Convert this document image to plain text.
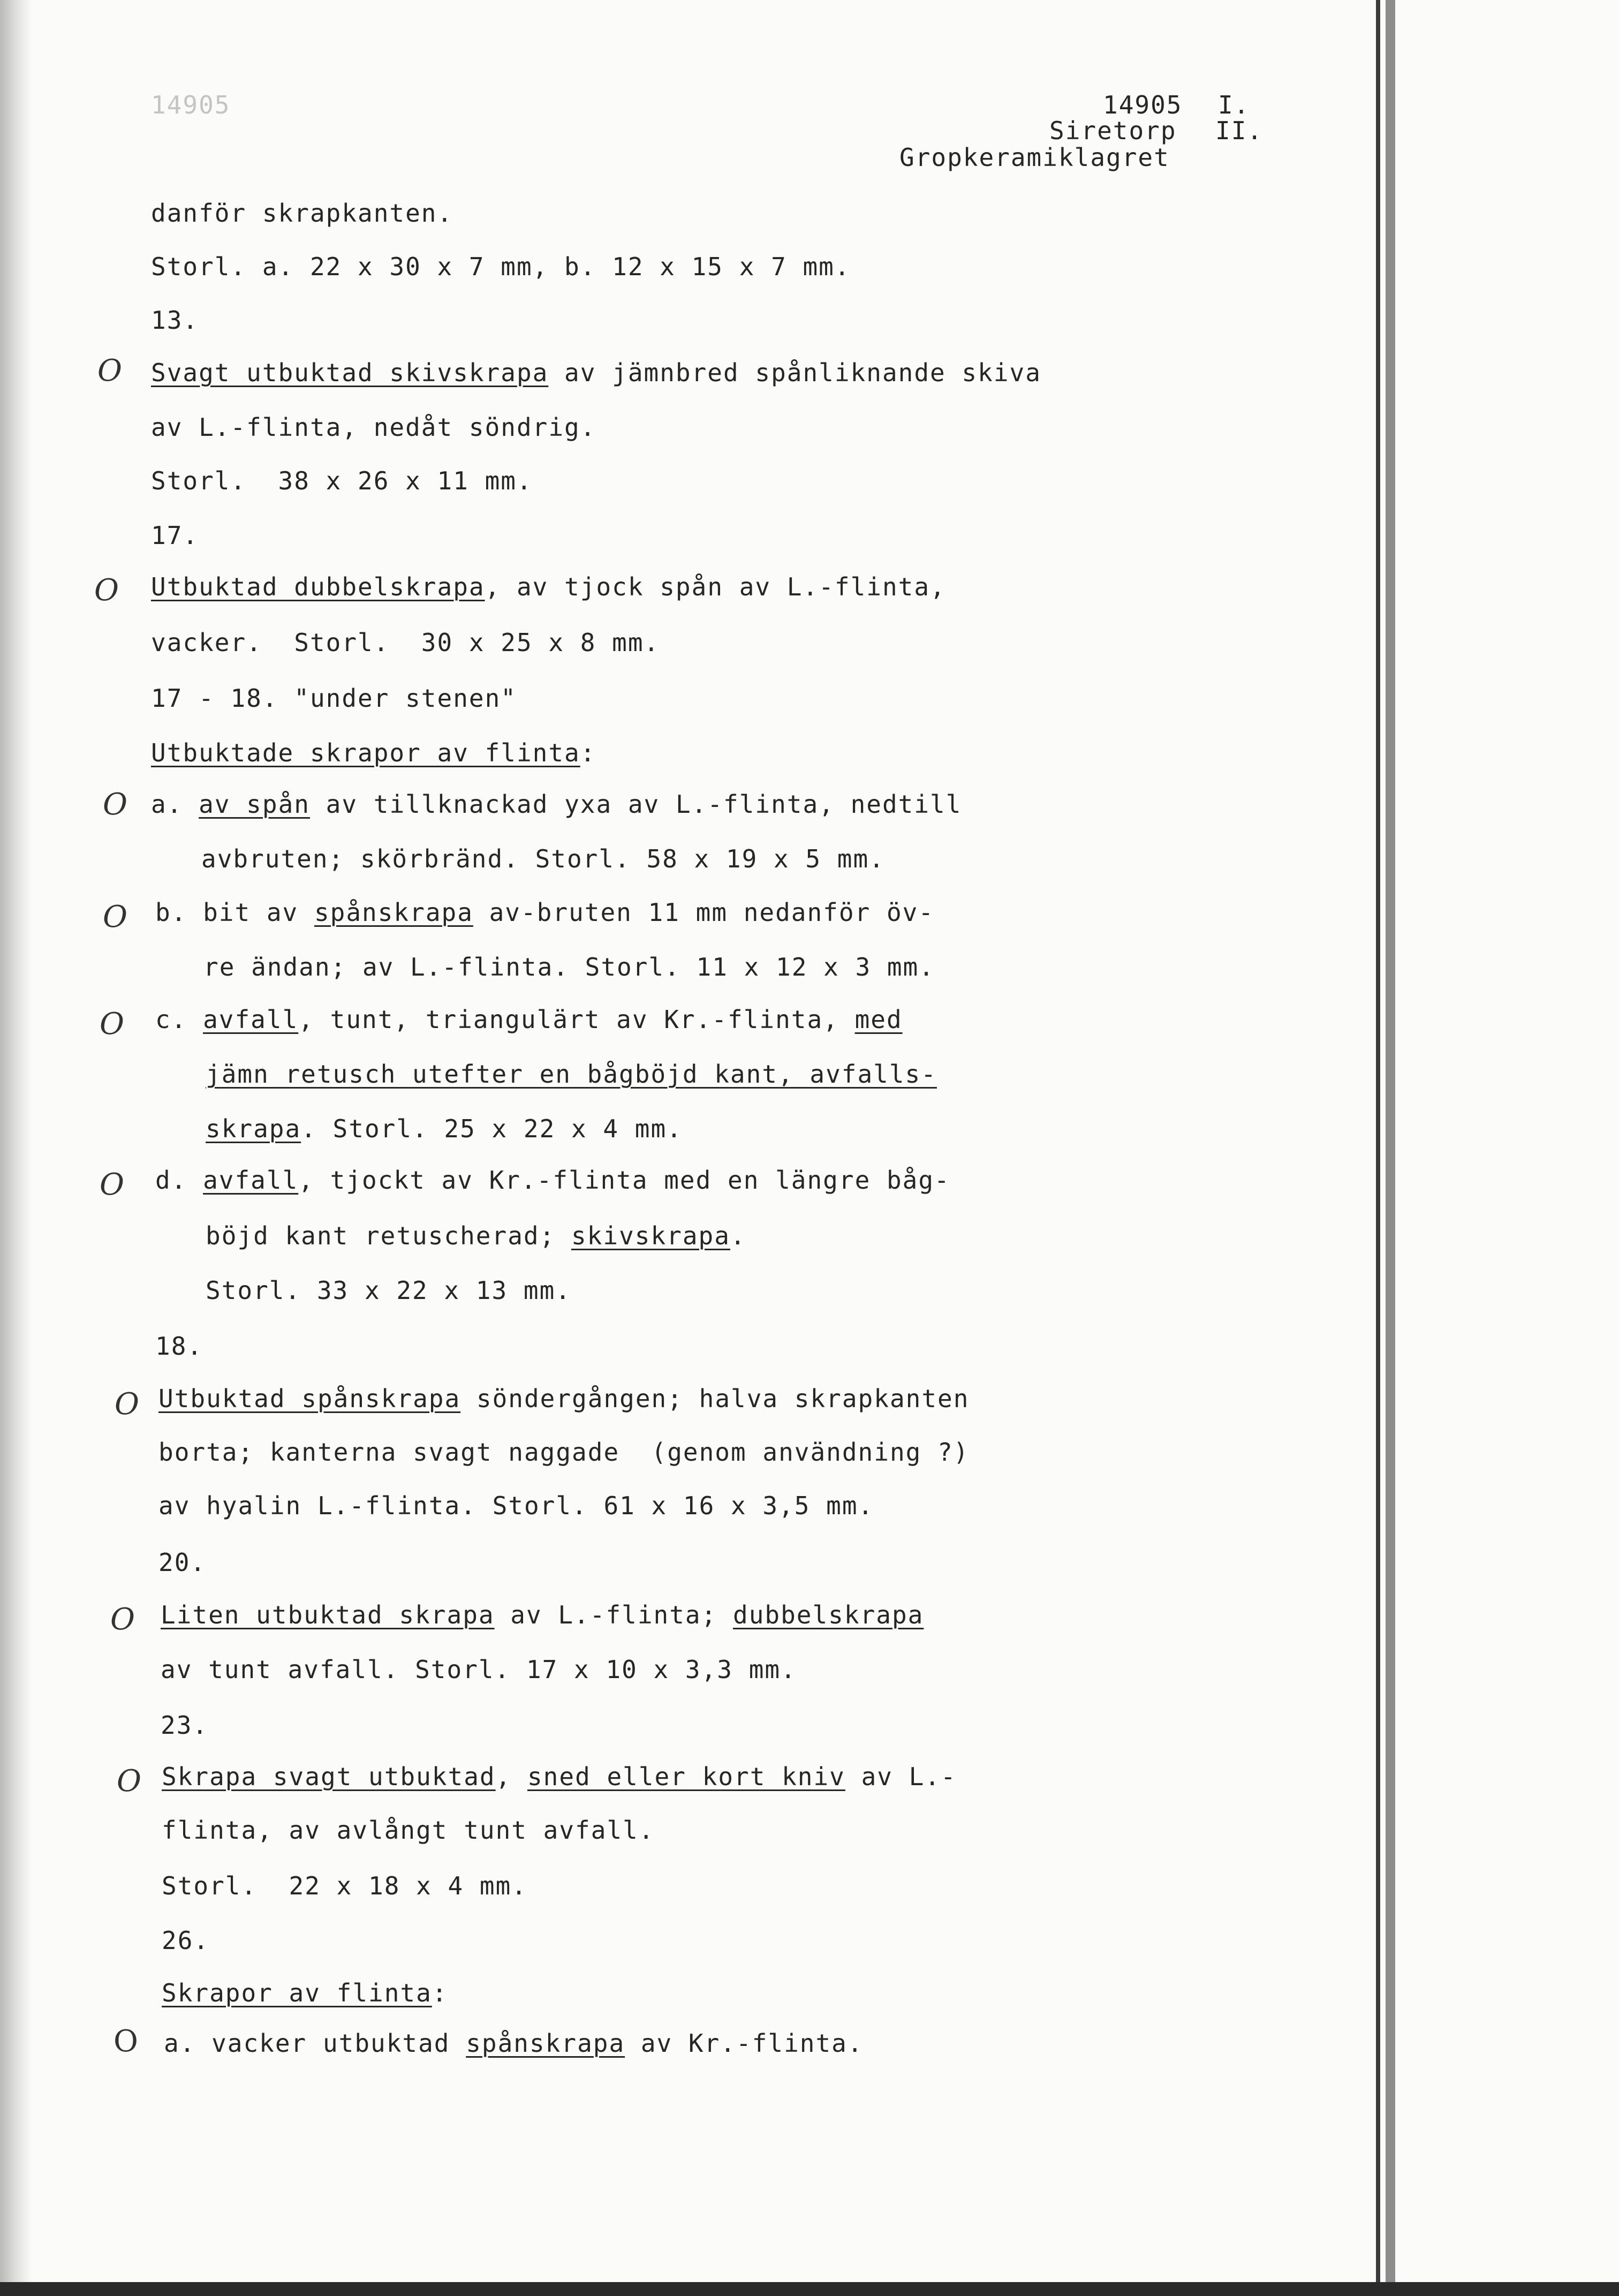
14905	14905 I.
Siretorp II.
Gropkeramiklagret
danför skrapkanten.
Storl. a. 22 x 30 x 7 mm, b. 12 x 15 x 7 mm.
13.
O Svagt utbuktad skivskrapa av jämnbred spånliknande skiva
av L.-flinta, nedåt söndrig.
Storl.  38 x 26 x 11 mm.
17.
O Utbuktad dubbelskrapa, av tjock spån av L.-flinta,
vacker.  Storl.  30 x 25 x 8 mm.
17 - 18. "under stenen"
Utbuktade skrapor av flinta:
O a. av spån av tillknackad yxa av L.-flinta, nedtill
avbruten; skörbränd. Storl. 58 x 19 x 5 mm.
O b. bit av spånskrapa av-bruten 11 mm nedanför öv-
re ändan; av L.-flinta. Storl. 11 x 12 x 3 mm.
O c. avfall, tunt, triangulärt av Kr.-flinta, med
jämn retusch utefter en bågböjd kant, avfalls-
skrapa. Storl. 25 x 22 x 4 mm.
O d. avfall, tjockt av Kr.-flinta med en längre båg-
böjd kant retuscherad; skivskrapa.
Storl. 33 x 22 x 13 mm.
18.
O Utbuktad spånskrapa söndergången; halva skrapkanten
borta; kanterna svagt naggade  (genom användning ?)
av hyalin L.-flinta. Storl. 61 x 16 x 3,5 mm.
20.
O Liten utbuktad skrapa av L.-flinta; dubbelskrapa
av tunt avfall. Storl. 17 x 10 x 3,3 mm.
23.
O Skrapa svagt utbuktad, sned eller kort kniv av L.-
flinta, av avlångt tunt avfall.
Storl.  22 x 18 x 4 mm.
26.
Skrapor av flinta:
O a. vacker utbuktad spånskrapa av Kr.-flinta.
